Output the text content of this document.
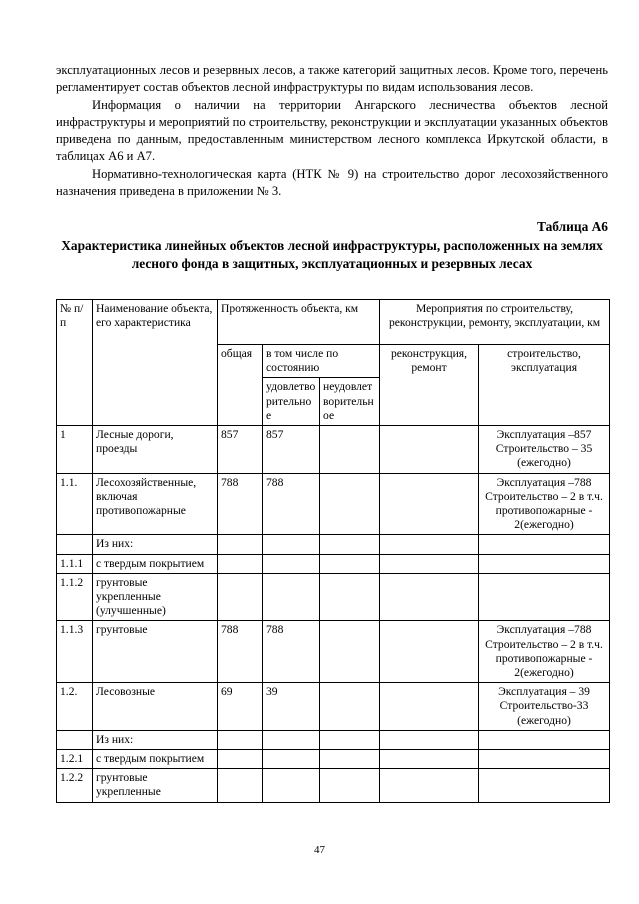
эксплуатационных лесов и резервных лесов, а также категорий защитных лесов. Кроме того, перечень регламентирует состав объектов лесной инфраструктуры по видам использования лесов.

Информация о наличии на территории Ангарского лесничества объектов лесной инфраструктуры и мероприятий по строительству, реконструкции и эксплуатации указанных объектов приведена по данным, предоставленным министерством лесного комплекса Иркутской области, в таблицах А6 и А7.

Нормативно-технологическая карта (НТК № 9) на строительство дорог лесохозяйственного назначения приведена в приложении № 3.

Таблица А6
Характеристика линейных объектов лесной инфраструктуры, расположенных на землях лесного фонда в защитных, эксплуатационных и резервных лесах
№ п/п	Наименование объекта, его характеристика	Протяженность объекта, км			Мероприятия по строительству, реконструкции, ремонту, эксплуатации, км	
		общая	в том числе по состоянию		реконструкция, ремонт	строительство, эксплуатация
			удовлетворительное	неудовлетворительное		
1	Лесные дороги, проезды	857	857			Эксплуатация –857 Строительство – 35 (ежегодно)
1.1.	Лесохозяйственные, включая противопожарные	788	788			Эксплуатация –788 Строительство – 2 в т.ч. противопожарные - 2(ежегодно)
	Из них:					
1.1.1	с твердым покрытием					
1.1.2	грунтовые укрепленные (улучшенные)					
1.1.3	грунтовые	788	788			Эксплуатация –788 Строительство – 2 в т.ч. противопожарные - 2(ежегодно)
1.2.	Лесовозные	69	39			Эксплуатация – 39 Строительство-33 (ежегодно)
	Из них:					
1.2.1	с твердым покрытием					
1.2.2	грунтовые укрепленные					
47
